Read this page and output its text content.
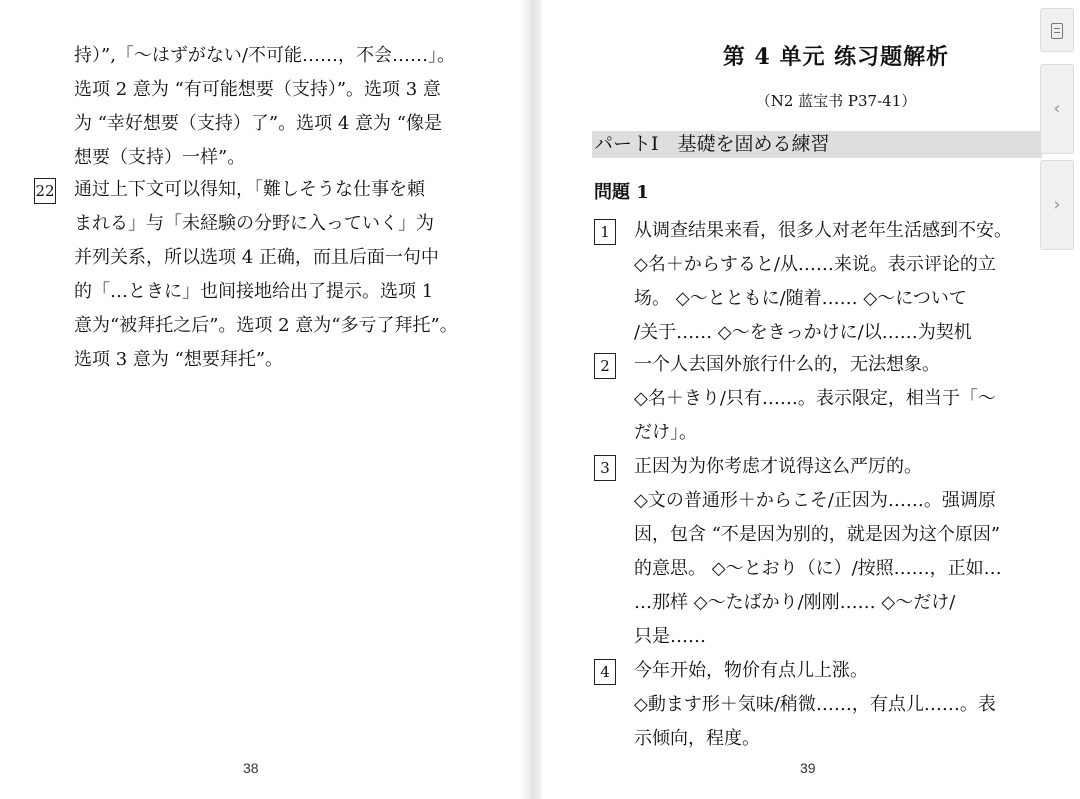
持）”,「～はずがない/不可能……，不会……」。
选项 2 意为 “有可能想要（支持）”。选项 3 意
为 “幸好想要（支持）了”。选项 4 意为 “像是
想要（支持）一样”。
22 通过上下文可以得知，「難しそうな仕事を頼
まれる」与「未経験の分野に入っていく」为
并列关系，所以选项 4 正确，而且后面一句中
的「…ときに」也间接地给出了提示。选项 1
意为“被拜托之后”。选项 2 意为“多亏了拜托”。
选项 3 意为 “想要拜托”。
38
第 4 单元 练习题解析
（N2 蓝宝书 P37-41）
パートⅠ　基礎を固める練習
問題 1
1	从调查结果来看，很多人对老年生活感到不安。
◇名＋からすると/从……来说。表示评论的立
场。 ◇～とともに/随着…… ◇～について
/关于…… ◇～をきっかけに/以……为契机
2	一个人去国外旅行什么的，无法想象。
◇名＋きり/只有……。表示限定，相当于「～
だけ」。
3	正因为为你考虑才说得这么严厉的。
◇文の普通形＋からこそ/正因为……。强调原
因，包含 “不是因为别的，就是因为这个原因”
的意思。 ◇～とおり（に）/按照……，正如…
…那样 ◇～たばかり/刚刚…… ◇～だけ/
只是……
4	今年开始，物价有点儿上涨。
◇動ます形＋気味/稍微……，有点儿……。表
示倾向，程度。
39
‹
›
